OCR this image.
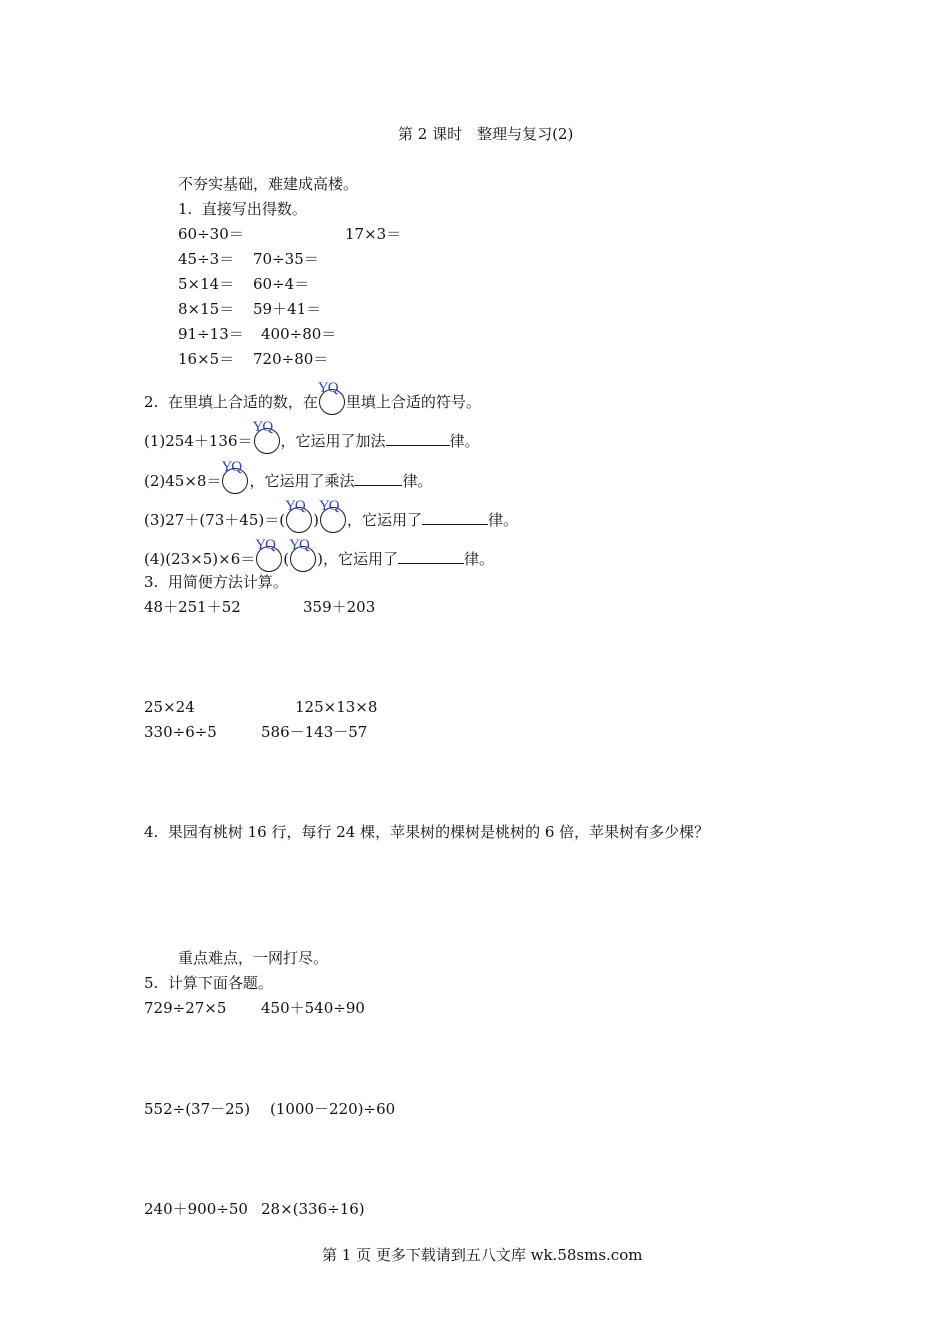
第 2 课时　整理与复习(2)
不夯实基础，难建成高楼。
1.  直接写出得数。
60÷30＝	17×3＝
45÷3＝ 70÷35＝
5×14＝ 60÷4＝
8×15＝ 59＋41＝
91÷13＝ 400÷80＝
16×5＝ 720÷80＝
2.  在里填上合适的数，在
YQ
里填上合适的符号。
(1)254＋136＝
YQ
，它运用了加法	律。
(2)45×8＝
YQ
，它运用了乘法	律。
(3)27＋(73＋45)＝(
YQ
)
YQ
，它运用了	律。
(4)(23×5)×6＝
YQ
(
YQ
)，它运用了	律。
3.  用简便方法计算。
48＋251＋52	359＋203
25×24	125×13×8
330÷6÷5	586－143－57
4.  果园有桃树 16 行，每行 24 棵，苹果树的棵树是桃树的 6 倍，苹果树有多少棵？
重点难点，一网打尽。
5.  计算下面各题。
729÷27×5 450＋540÷90
552÷(37－25) (1000－220)÷60
240＋900÷50 28×(336÷16)
第 1 页 更多下载请到五八文库 wk.58sms.com
